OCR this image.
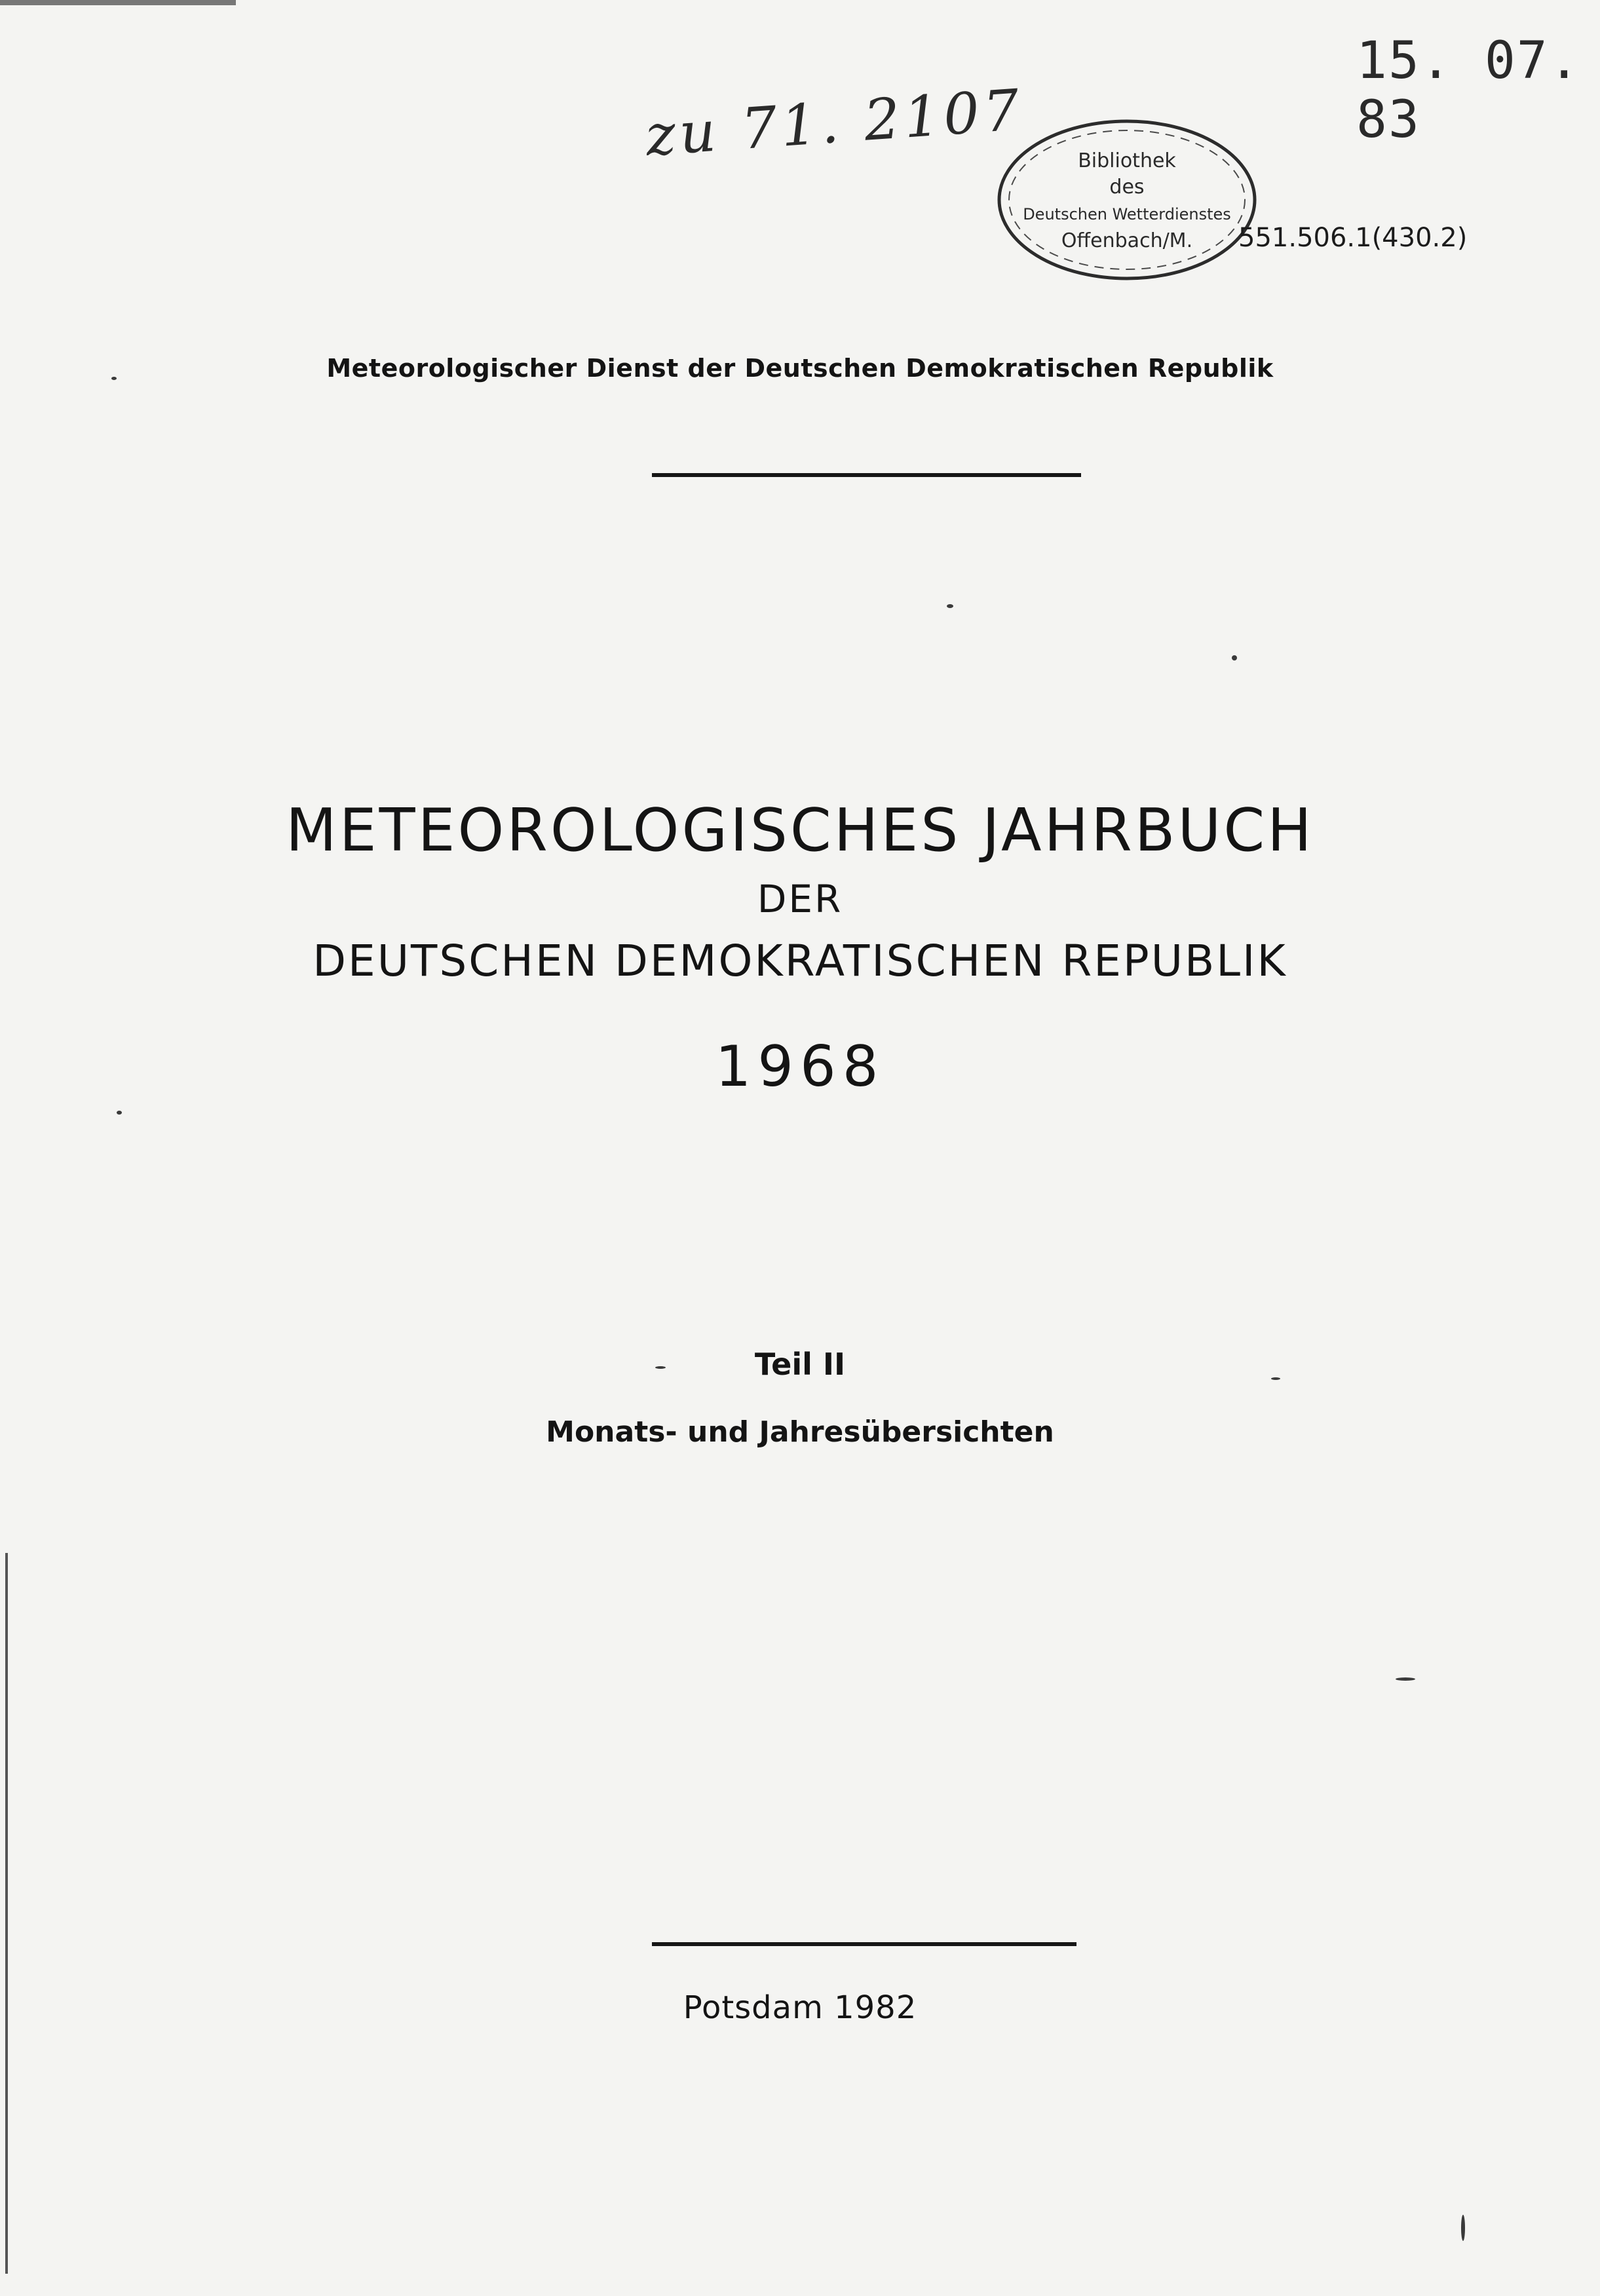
15. 07. 83
zu 71. 2107	Bibliothek
des
Deutschen Wetterdienstes
Offenbach/M. 551.506.1(430.2)
Meteorologischer Dienst der Deutschen Demokratischen Republik
METEOROLOGISCHES JAHRBUCH
DER
DEUTSCHEN DEMOKRATISCHEN REPUBLIK
1968
Teil II
Monats- und Jahresübersichten
Potsdam 1982
